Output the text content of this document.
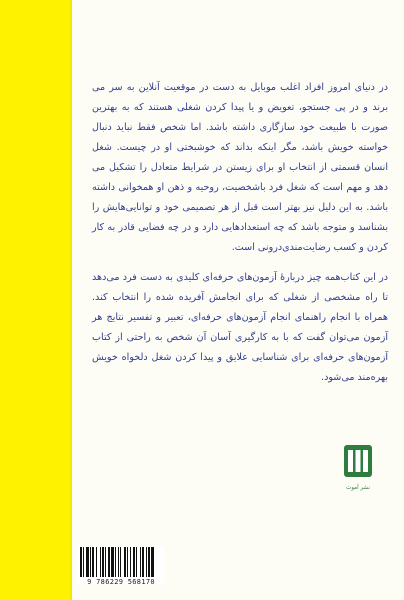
در دنیای امروز افراد اغلب موبایل به دست در موقعیت آنلاین به سر می برند و در پی جستجو، تعویض و یا پیدا کردن شغلی هستند که به بهترین صورت با طبیعت خود سازگاری داشته باشد. اما شخص فقط نباید دنبال خواسته خویش باشد، مگر اینکه بداند که خوشبختی او در چیست. شغل انسان قسمتی از انتخاب او برای زیستن در شرایط متعادل را تشکیل می دهد و مهم است که شغل فرد باشخصیت، روحیه و ذهن او همخوانی داشته باشد. به این دلیل نیز بهتر است قبل از هر تصمیمی خود و توانایی‌هایش را بشناسد و متوجه باشد که چه استعدادهایی دارد و در چه فضایی قادر به کار کردن و کسب رضایت‌مندی‌درونی است.

در این کتاب‌همه چیز درباره‌ٔ آزمون‌های حرفه‌ای کلیدی به دست فرد می‌دهد تا راه مشخصی از شغلی که برای انجامش آفریده شده را انتخاب کند. همراه با انجام راهنمای انجام آزمون‌های حرفه‌ای، تعبیر و تفسیر نتایج هر آزمون می‌توان گفت که با به کارگیری آسان آن شخص به راحتی از کتاب آزمون‌های حرفه‌ای برای شناسایی علایق و پیدا کردن شغل دلخواه خویش بهره‌مند می‌شود.

نشر آموت
9 786229 568170
